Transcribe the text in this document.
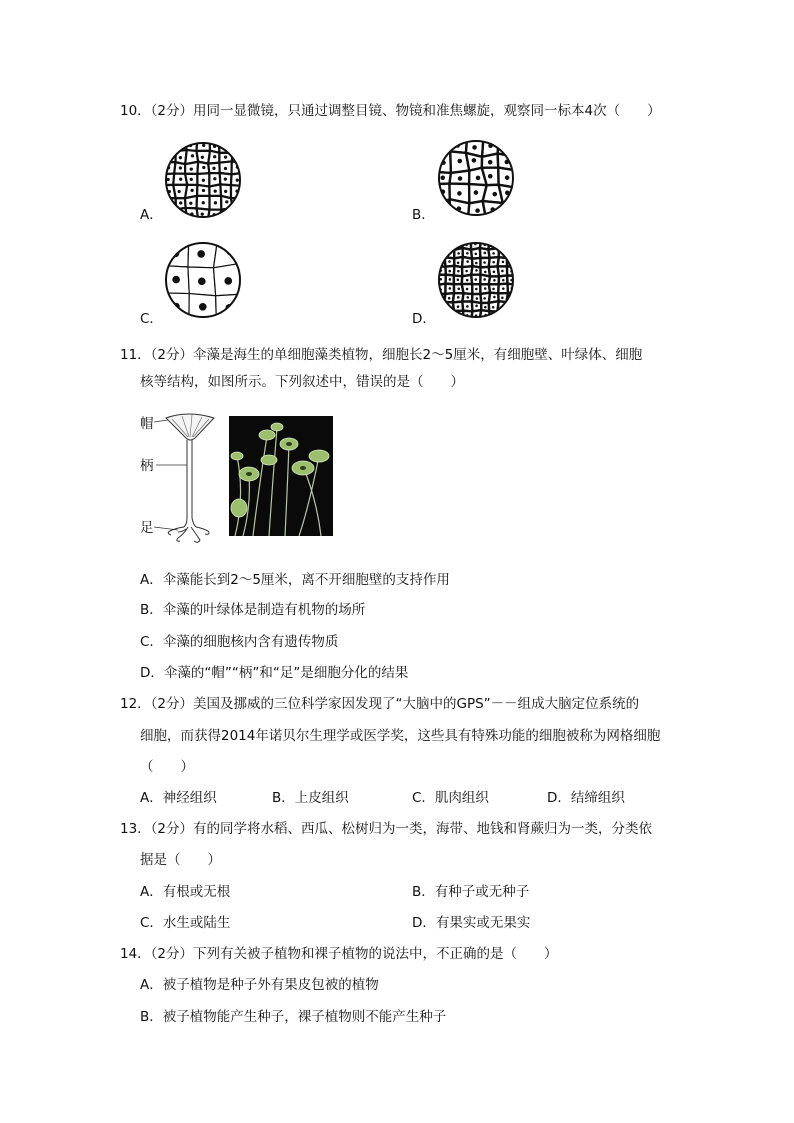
10．（2分）用同一显微镜，只通过调整目镜、物镜和准焦螺旋，观察同一标本4次（　　）
A．	B．
C．	D．
11．（2分）伞藻是海生的单细胞藻类植物，细胞长2～5厘米，有细胞壁、叶绿体、细胞
核等结构，如图所示。下列叙述中，错误的是（　　）
帽
柄
足
A．伞藻能长到2～5厘米，离不开细胞壁的支持作用
B．伞藻的叶绿体是制造有机物的场所
C．伞藻的细胞核内含有遗传物质
D．伞藻的“帽”“柄”和“足”是细胞分化的结果
12．（2分）美国及挪威的三位科学家因发现了“大脑中的GPS”－－组成大脑定位系统的
细胞，而获得2014年诺贝尔生理学或医学奖，这些具有特殊功能的细胞被称为网格细胞
（　　）
A．神经组织	B．上皮组织	C．肌肉组织	D．结缔组织
13．（2分）有的同学将水稻、西瓜、松树归为一类，海带、地钱和肾蕨归为一类，分类依
据是（　　）
A．有根或无根	B．有种子或无种子
C．水生或陆生	D．有果实或无果实
14．（2分）下列有关被子植物和裸子植物的说法中，不正确的是（　　）
A．被子植物是种子外有果皮包被的植物
B．被子植物能产生种子，裸子植物则不能产生种子
